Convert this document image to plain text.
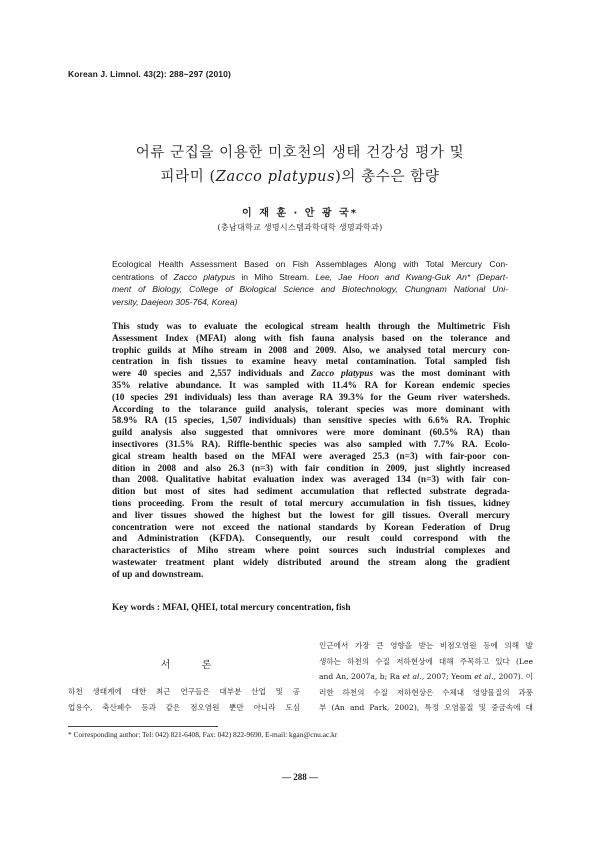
Korean J. Limnol. 43(2): 288~297 (2010)
어류 군집을 이용한 미호천의 생태 건강성 평가 및
피라미 (Zacco platypus)의 총수은 함량
이 재 훈 · 안 광 국*
(충남대학교 생명시스템과학대학 생명과학과)
Ecological Health Assessment Based on Fish Assemblages Along with Total Mercury Con-
centrations of Zacco platypus in Miho Stream. Lee, Jae Hoon and Kwang-Guk An* (Depart-
ment of Biology, College of Biological Science and Biotechnology, Chungnam National Uni-
versity, Daejeon 305-764, Korea)
This study was to evaluate the ecological stream health through the Multimetric Fish
Assessment Index (MFAI) along with fish fauna analysis based on the tolerance and
trophic guilds at Miho stream in 2008 and 2009. Also, we analysed total mercury con-
centration in fish tissues to examine heavy metal contamination. Total sampled fish
were 40 species and 2,557 individuals and Zacco platypus was the most dominant with
35% relative abundance. It was sampled with 11.4% RA for Korean endemic species
(10 species 291 individuals) less than average RA 39.3% for the Geum river watersheds.
According to the tolarance guild analysis, tolerant species was more dominant with
58.9% RA (15 species, 1,507 individuals) than sensitive species with 6.6% RA. Trophic
guild analysis also suggested that omnivores were more dominant (60.5% RA) than
insectivores (31.5% RA). Riffle-benthic species was also sampled with 7.7% RA. Ecolo-
gical stream health based on the MFAI were averaged 25.3 (n=3) with fair-poor con-
dition in 2008 and also 26.3 (n=3) with fair condition in 2009, just slightly increased
than 2008. Qualitative habitat evaluation index was averaged 134 (n=3) with fair con-
dition but most of sites had sediment accumulation that reflected substrate degrada-
tions proceeding. From the result of total mercury accumulation in fish tissues, kidney
and liver tissues showed the highest but the lowest for gill tissues. Overall mercury
concentration were not exceed the national standards by Korean Federation of Drug
and Administration (KFDA). Consequently, our result could correspond with the
characteristics of Miho stream where point sources such industrial complexes and
wastewater treatment plant widely distributed around the stream along the gradient
of up and downstream.
Key words : MFAI, QHEI, total mercury concentration, fish
서 론
하천 생태계에 대한 최근 연구들은 대부분 산업 및 공
업용수, 축산폐수 등과 같은 점오염원 뿐만 아니라 도심
인근에서 가장 큰 영향을 받는 비점오염원 등에 의해 발
생하는 하천의 수질 저하현상에 대해 주목하고 있다 (Lee
and An, 2007a, b; Ra et al., 2007; Yeom et al., 2007). 이
러한 하천의 수질 저하현상은 수체내 영양물질의 과풍
부 (An and Park, 2002), 특정 오염물질 및 중금속에 대
* Corresponding author: Tel: 042) 821-6408, Fax: 042) 822-9690, E-mail: kgan@cnu.ac.kr
— 288 —
